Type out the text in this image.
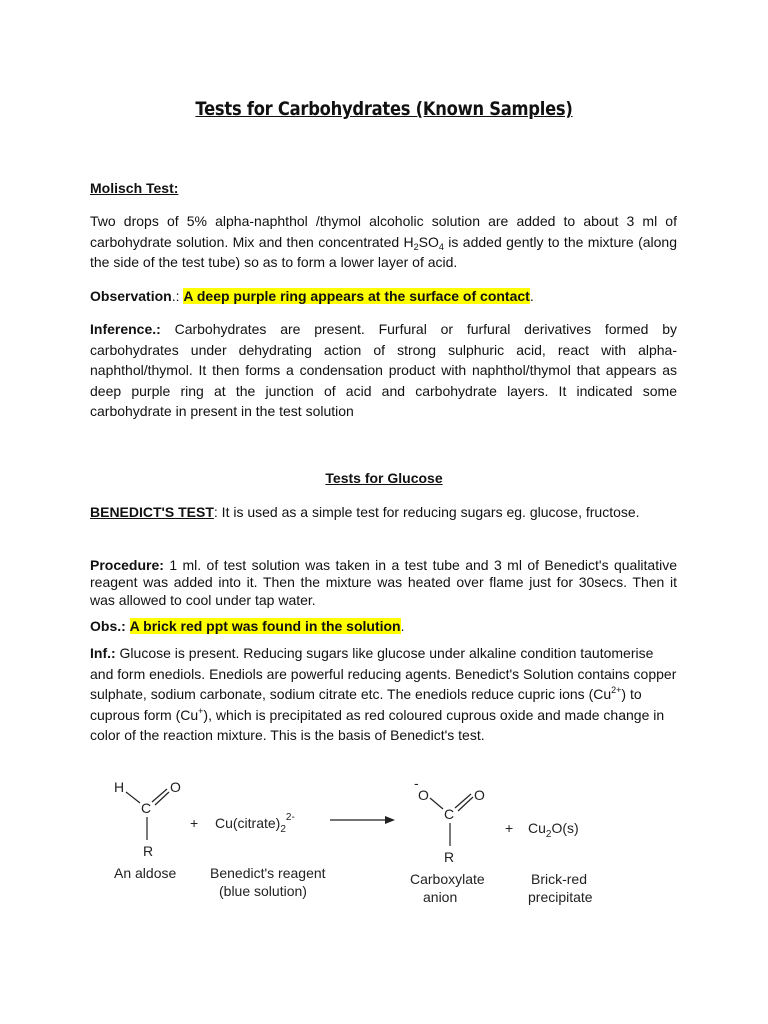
Tests for Carbohydrates (Known Samples)
Molisch Test:

Two drops of 5% alpha-naphthol /thymol alcoholic solution are added to about 3 ml of carbohydrate solution. Mix and then concentrated $H_2SO_4$ is added gently to the mixture (along the side of the test tube) so as to form a lower layer of acid.

Observation.: A deep purple ring appears at the surface of contact.

Inference.: Carbohydrates are present. Furfural or furfural derivatives formed by carbohydrates under dehydrating action of strong sulphuric acid, react with alpha-naphthol/thymol. It then forms a condensation product with naphthol/thymol that appears as deep purple ring at the junction of acid and carbohydrate layers. It indicated some carbohydrate in present in the test solution

Tests for Glucose

BENEDICT'S TEST: It is used as a simple test for reducing sugars eg. glucose, fructose.

Procedure: 1 ml. of test solution was taken in a test tube and 3 ml of Benedict's qualitative reagent was added into it. Then the mixture was heated over flame just for 30secs. Then it was allowed to cool under tap water.

Obs.: A brick red ppt was found in the solution.

Inf.: Glucose is present. Reducing sugars like glucose under alkaline condition tautomerise and form enediols. Enediols are powerful reducing agents. Benedict's Solution contains copper sulphate, sodium carbonate, sodium citrate etc. The enediols reduce cupric ions $(Cu^{2+})$ to cuprous form (Cu+), which is precipitated as red coloured cuprous oxide and made change in color of the reaction mixture. This is the basis of Benedict's test.

H
C
O
R
An aldose
+ $Cu(citrate)_2^{2-}$
Benedict's reagent
(blue solution)
-
O
C
O
R
Carboxylate
anion
+ $Cu_2O(s)$
Brick-red
precipitate
